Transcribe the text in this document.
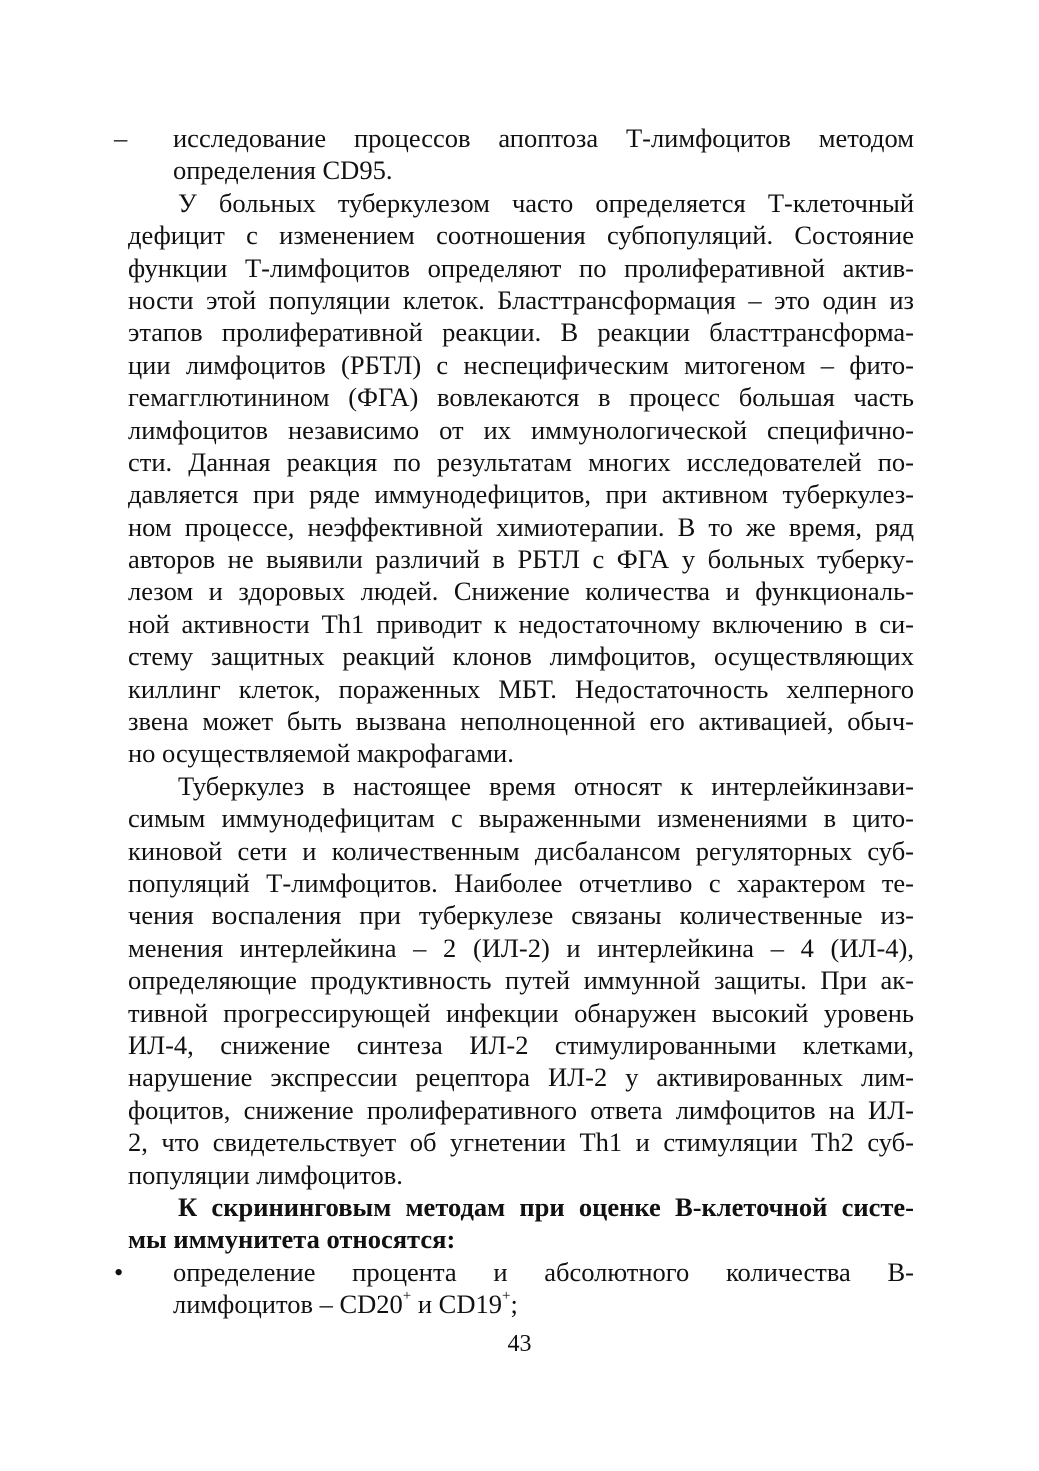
– исследование процессов апоптоза Т-лимфоцитов методом
определения CD95.
У больных туберкулезом часто определяется Т-клеточный
дефицит с изменением соотношения субпопуляций. Состояние
функции Т-лимфоцитов определяют по пролиферативной актив-
ности этой популяции клеток. Бласттрансформация – это один из
этапов пролиферативной реакции. В реакции бласттрансформа-
ции лимфоцитов (РБТЛ) с неспецифическим митогеном – фито-
гемагглютинином (ФГА) вовлекаются в процесс большая часть
лимфоцитов независимо от их иммунологической специфично-
сти. Данная реакция по результатам многих исследователей по-
давляется при ряде иммунодефицитов, при активном туберкулез-
ном процессе, неэффективной химиотерапии. В то же время, ряд
авторов не выявили различий в РБТЛ с ФГА у больных туберку-
лезом и здоровых людей. Снижение количества и функциональ-
ной активности Th1 приводит к недостаточному включению в си-
стему защитных реакций клонов лимфоцитов, осуществляющих
киллинг клеток, пораженных МБТ. Недостаточность хелперного
звена может быть вызвана неполноценной его активацией, обыч-
но осуществляемой макрофагами.
Туберкулез в настоящее время относят к интерлейкинзави-
симым иммунодефицитам с выраженными изменениями в цито-
киновой сети и количественным дисбалансом регуляторных суб-
популяций Т-лимфоцитов. Наиболее отчетливо с характером те-
чения воспаления при туберкулезе связаны количественные из-
менения интерлейкина – 2 (ИЛ-2) и интерлейкина – 4 (ИЛ-4),
определяющие продуктивность путей иммунной защиты. При ак-
тивной прогрессирующей инфекции обнаружен высокий уровень
ИЛ-4, снижение синтеза ИЛ-2 стимулированными клетками,
нарушение экспрессии рецептора ИЛ-2 у активированных лим-
фоцитов, снижение пролиферативного ответа лимфоцитов на ИЛ-
2, что свидетельствует об угнетении Th1 и стимуляции Th2 суб-
популяции лимфоцитов.
К скрининговым методам при оценке В-клеточной систе-
мы иммунитета относятся:
• определение процента и абсолютного количества В-
лимфоцитов – CD20+ и CD19+;
43
